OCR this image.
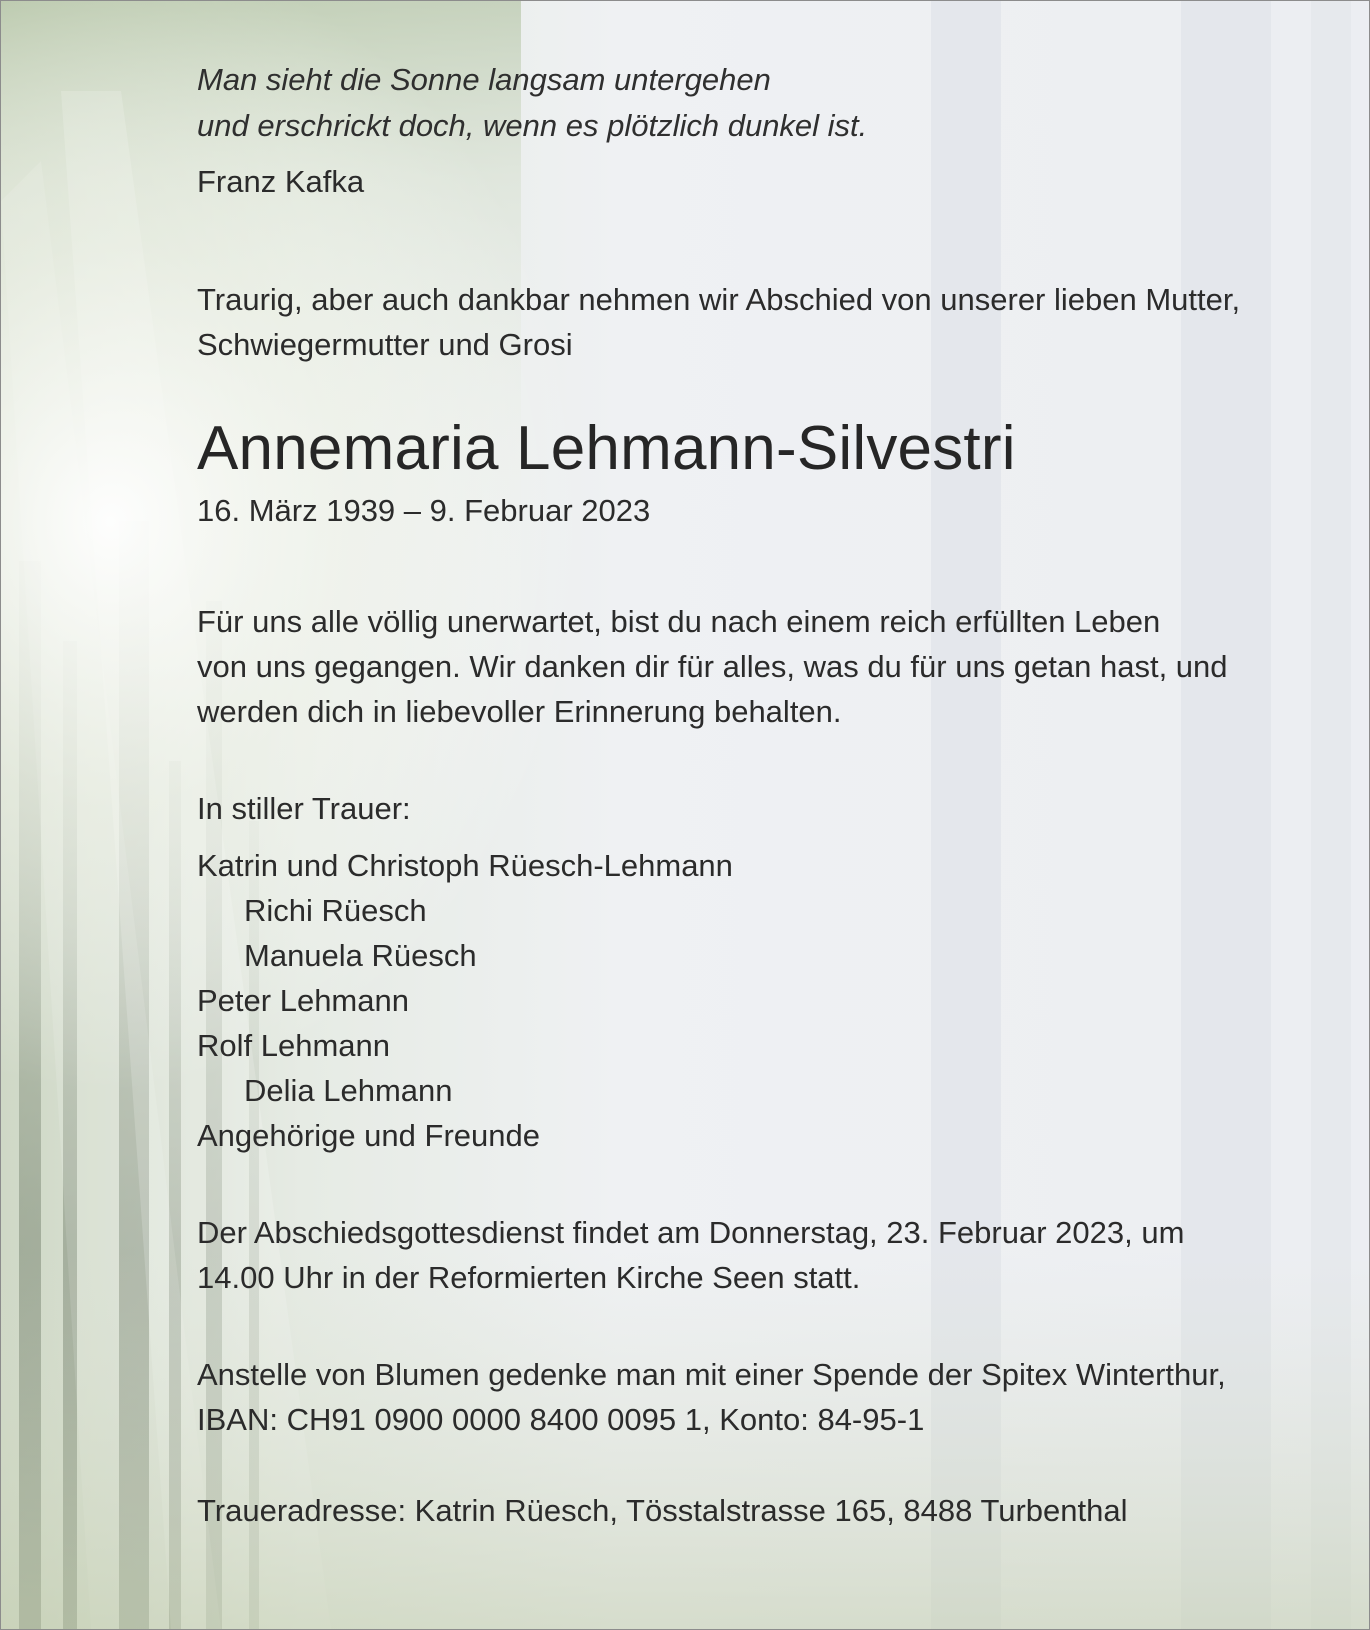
Man sieht die Sonne langsam untergehen

und erschrickt doch, wenn es plötzlich dunkel ist.

Franz Kafka

Traurig, aber auch dankbar nehmen wir Abschied von unserer lieben Mutter,

Schwiegermutter und Grosi

Annemaria Lehmann-Silvestri

16. März 1939 – 9. Februar 2023

Für uns alle völlig unerwartet, bist du nach einem reich erfüllten Leben

von uns gegangen. Wir danken dir für alles, was du für uns getan hast, und

werden dich in liebevoller Erinnerung behalten.

In stiller Trauer:

Katrin und Christoph Rüesch-Lehmann
Richi Rüesch
Manuela Rüesch
Peter Lehmann
Rolf Lehmann
Delia Lehmann
Angehörige und Freunde

Der Abschiedsgottesdienst findet am Donnerstag, 23. Februar 2023, um

14.00 Uhr in der Reformierten Kirche Seen statt.

Anstelle von Blumen gedenke man mit einer Spende der Spitex Winterthur,

IBAN: CH91 0900 0000 8400 0095 1, Konto: 84-95-1

Traueradresse: Katrin Rüesch, Tösstalstrasse 165, 8488 Turbenthal
